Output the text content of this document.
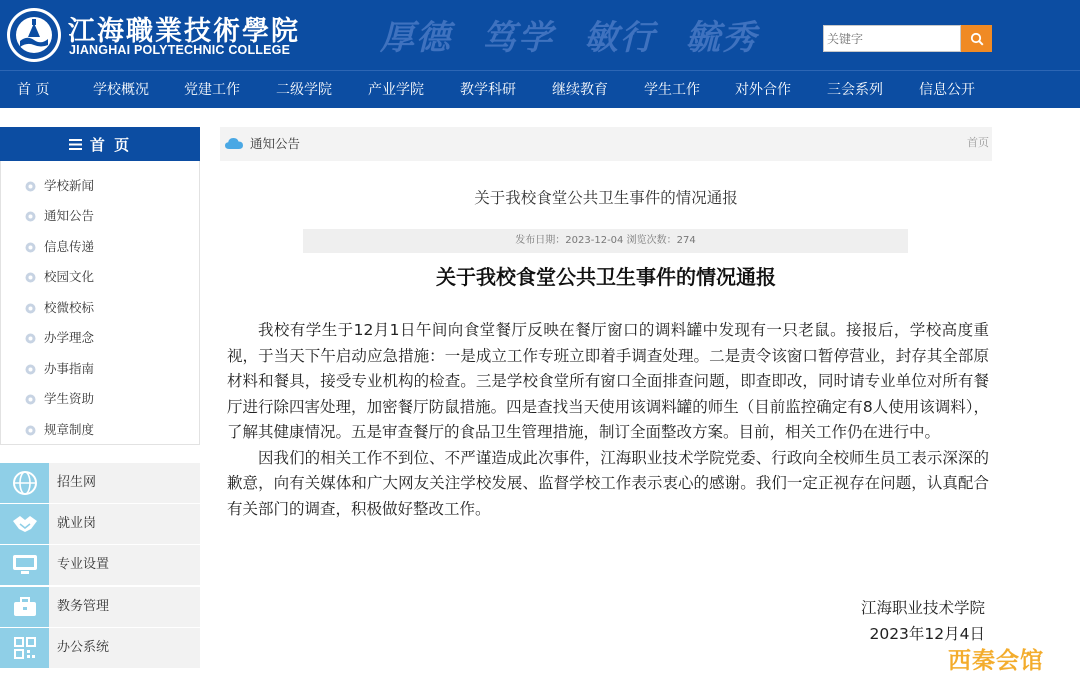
江海職業技術學院
JIANGHAI POLYTECHNIC COLLEGE	厚德 笃学 敏行 毓秀
关键字
首 页	学校概况	党建工作	二级学院	产业学院	教学科研	继续教育	学生工作	对外合作	三会系列	信息公开
首 页
学校新闻
通知公告
信息传递
校园文化
校微校标
办学理念
办事指南
学生资助
规章制度
招生网
就业岗
专业设置
教务管理
办公系统
通知公告	首页
关于我校食堂公共卫生事件的情况通报
发布日期：2023-12-04 浏览次数：274
关于我校食堂公共卫生事件的情况通报

我校有学生于12月1日午间向食堂餐厅反映在餐厅窗口的调料罐中发现有一只老鼠。接报后，学校高度重视，于当天下午启动应急措施：一是成立工作专班立即着手调查处理。二是责令该窗口暂停营业，封存其全部原材料和餐具，接受专业机构的检查。三是学校食堂所有窗口全面排查问题，即查即改，同时请专业单位对所有餐厅进行除四害处理，加密餐厅防鼠措施。四是查找当天使用该调料罐的师生（目前监控确定有8人使用该调料），了解其健康情况。五是审查餐厅的食品卫生管理措施，制订全面整改方案。目前，相关工作仍在进行中。

因我们的相关工作不到位、不严谨造成此次事件，江海职业技术学院党委、行政向全校师生员工表示深深的歉意，向有关媒体和广大网友关注学校发展、监督学校工作表示衷心的感谢。我们一定正视存在问题，认真配合有关部门的调查，积极做好整改工作。

江海职业技术学院
2023年12月4日
西秦会馆
